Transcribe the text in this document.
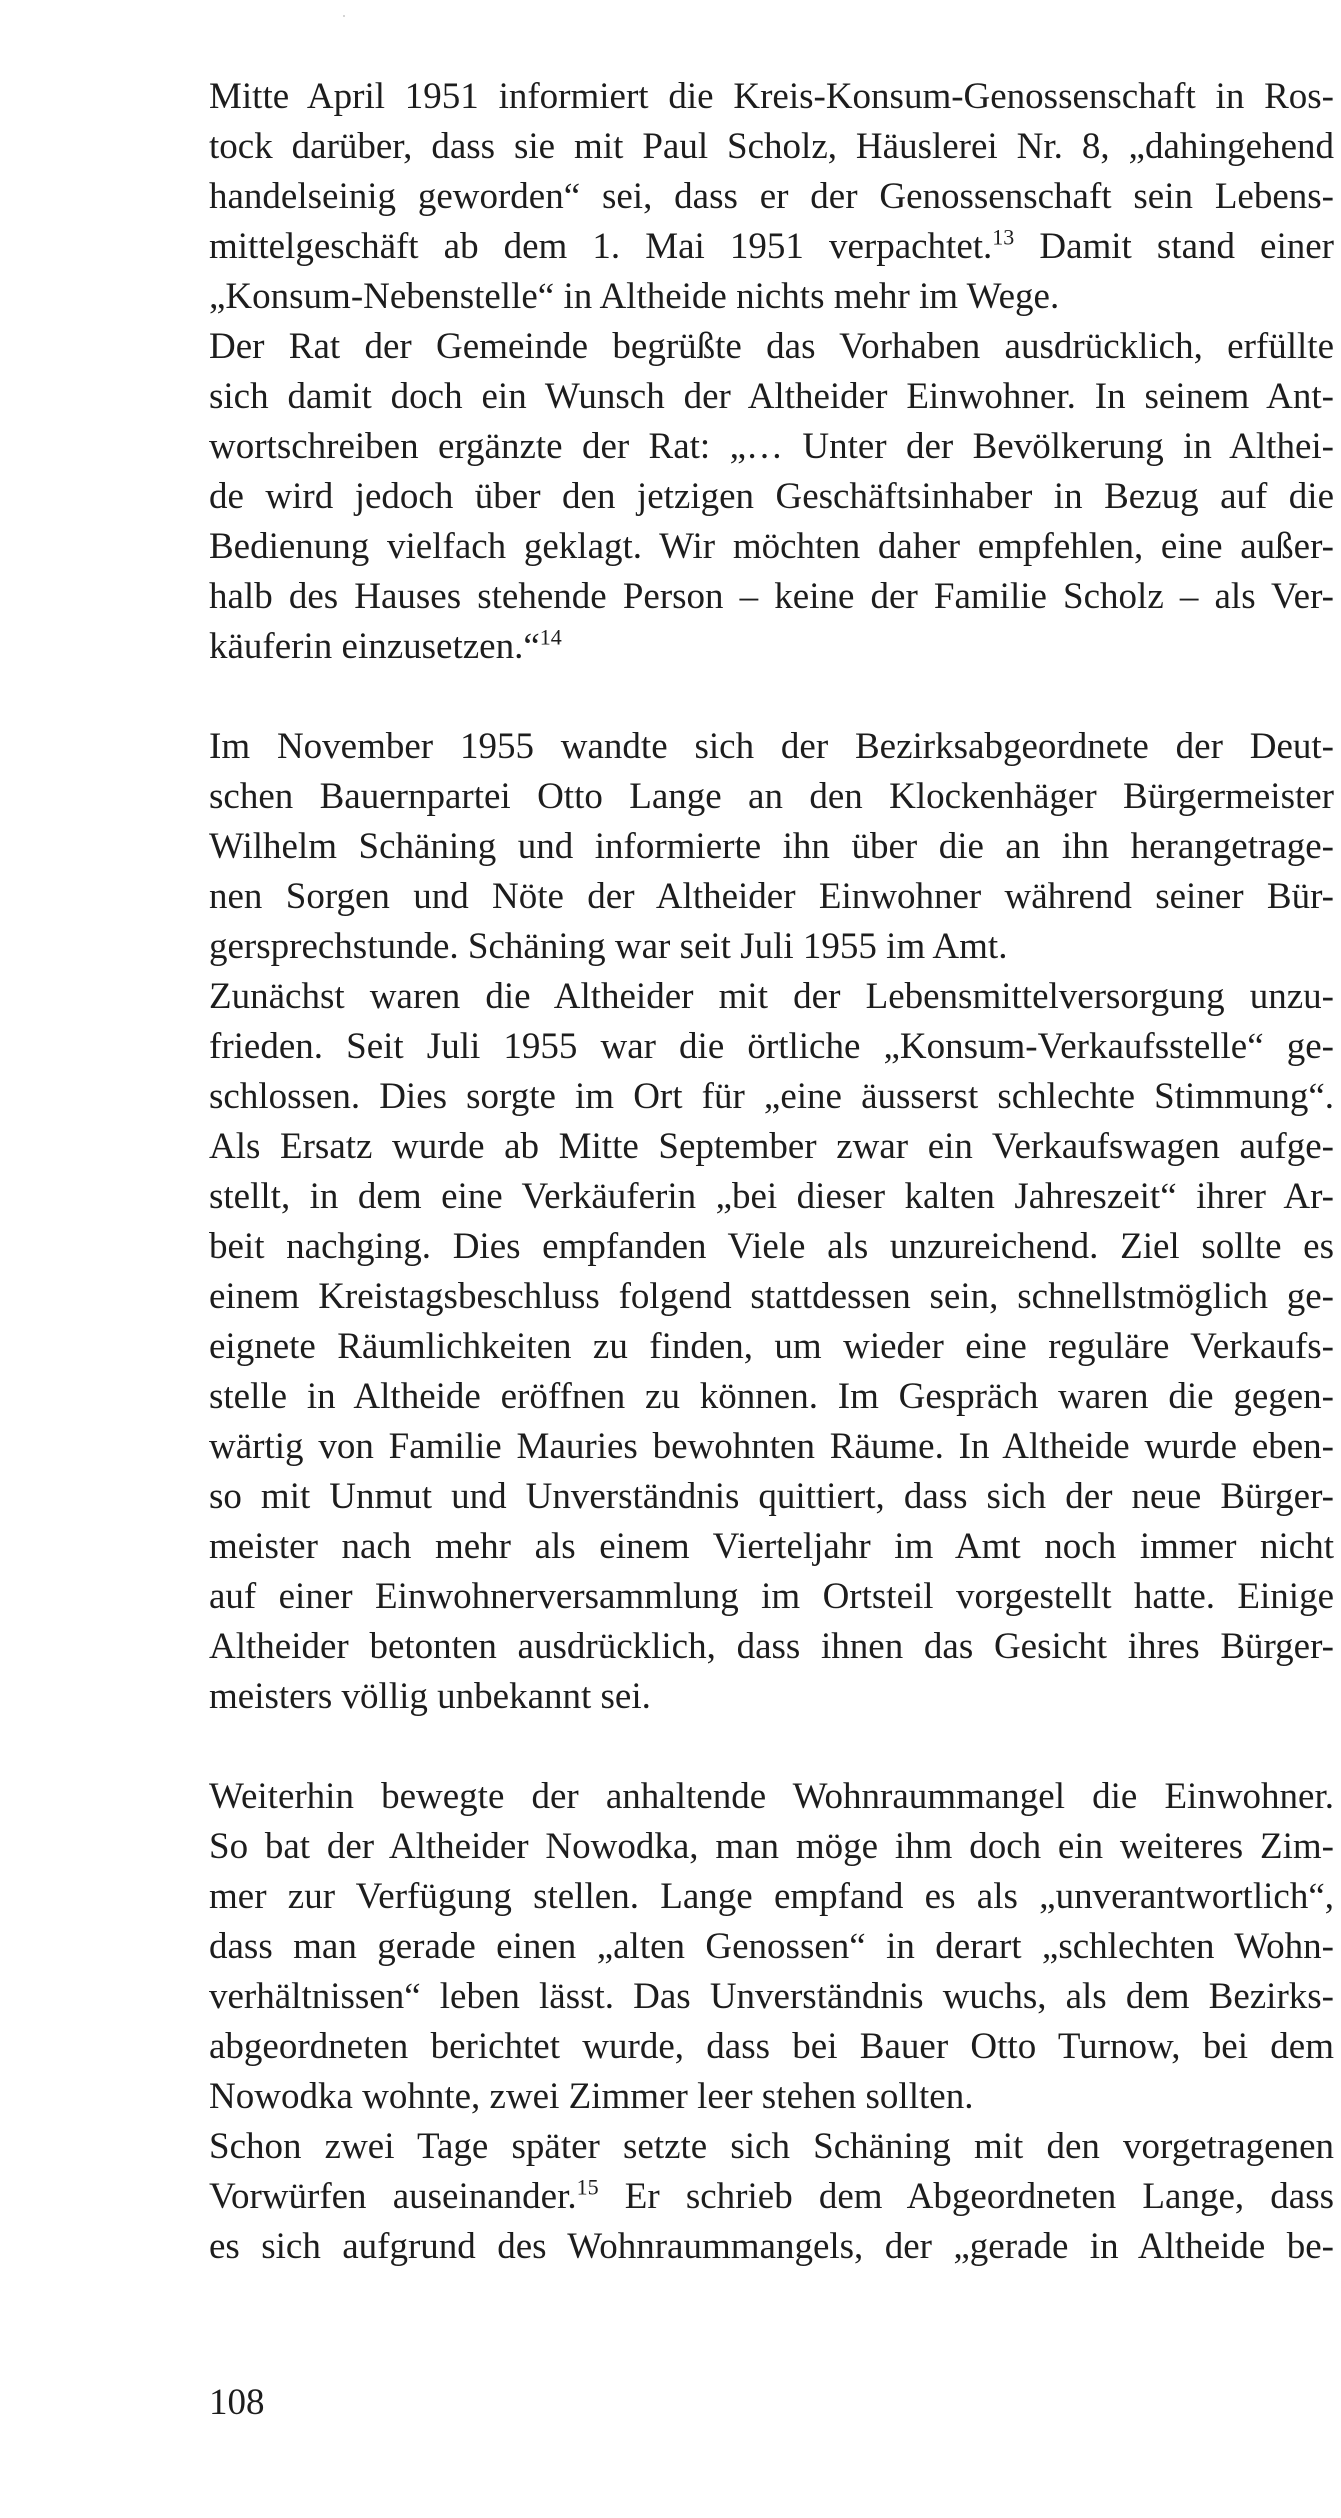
Mitte April 1951 informiert die Kreis-Konsum-Genossenschaft in Ros-
tock darüber, dass sie mit Paul Scholz, Häuslerei Nr. 8, „dahingehend
handelseinig geworden“ sei, dass er der Genossenschaft sein Lebens-
mittelgeschäft ab dem 1. Mai 1951 verpachtet.$^{13}$ Damit stand einer
„Konsum-Nebenstelle“ in Altheide nichts mehr im Wege.
Der Rat der Gemeinde begrüßte das Vorhaben ausdrücklich, erfüllte
sich damit doch ein Wunsch der Altheider Einwohner. In seinem Ant-
wortschreiben ergänzte der Rat: „… Unter der Bevölkerung in Althei-
de wird jedoch über den jetzigen Geschäftsinhaber in Bezug auf die
Bedienung vielfach geklagt. Wir möchten daher empfehlen, eine außer-
halb des Hauses stehende Person – keine der Familie Scholz – als Ver-
käuferin einzusetzen.“$^{14}$
Im November 1955 wandte sich der Bezirksabgeordnete der Deut-
schen Bauernpartei Otto Lange an den Klockenhäger Bürgermeister
Wilhelm Schäning und informierte ihn über die an ihn herangetrage-
nen Sorgen und Nöte der Altheider Einwohner während seiner Bür-
gersprechstunde. Schäning war seit Juli 1955 im Amt.
Zunächst waren die Altheider mit der Lebensmittelversorgung unzu-
frieden. Seit Juli 1955 war die örtliche „Konsum-Verkaufsstelle“ ge-
schlossen. Dies sorgte im Ort für „eine äusserst schlechte Stimmung“.
Als Ersatz wurde ab Mitte September zwar ein Verkaufswagen aufge-
stellt, in dem eine Verkäuferin „bei dieser kalten Jahreszeit“ ihrer Ar-
beit nachging. Dies empfanden Viele als unzureichend. Ziel sollte es
einem Kreistagsbeschluss folgend stattdessen sein, schnellstmöglich ge-
eignete Räumlichkeiten zu finden, um wieder eine reguläre Verkaufs-
stelle in Altheide eröffnen zu können. Im Gespräch waren die gegen-
wärtig von Familie Mauries bewohnten Räume. In Altheide wurde eben-
so mit Unmut und Unverständnis quittiert, dass sich der neue Bürger-
meister nach mehr als einem Vierteljahr im Amt noch immer nicht
auf einer Einwohnerversammlung im Ortsteil vorgestellt hatte. Einige
Altheider betonten ausdrücklich, dass ihnen das Gesicht ihres Bürger-
meisters völlig unbekannt sei.
Weiterhin bewegte der anhaltende Wohnraummangel die Einwohner.
So bat der Altheider Nowodka, man möge ihm doch ein weiteres Zim-
mer zur Verfügung stellen. Lange empfand es als „unverantwortlich“,
dass man gerade einen „alten Genossen“ in derart „schlechten Wohn-
verhältnissen“ leben lässt. Das Unverständnis wuchs, als dem Bezirks-
abgeordneten berichtet wurde, dass bei Bauer Otto Turnow, bei dem
Nowodka wohnte, zwei Zimmer leer stehen sollten.
Schon zwei Tage später setzte sich Schäning mit den vorgetragenen
Vorwürfen auseinander.$^{15}$ Er schrieb dem Abgeordneten Lange, dass
es sich aufgrund des Wohnraummangels, der „gerade in Altheide be-
108
